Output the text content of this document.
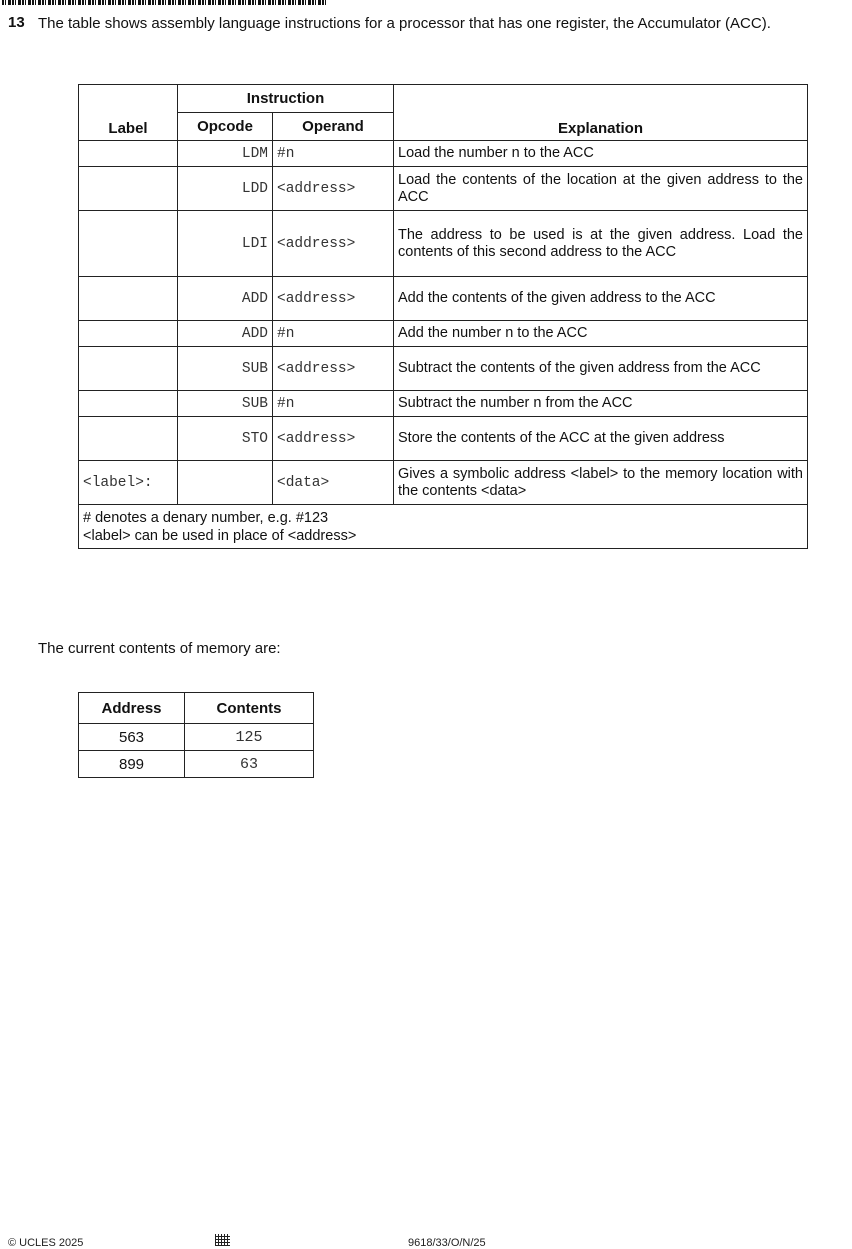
13 The table shows assembly language instructions for a processor that has one register, the Accumulator (ACC).
Label	Instruction		Explanation
	Opcode	Operand	
	LDM	#n	Load the number n to the ACC
	LDD	<address>	Load the contents of the location at the given address to the ACC
	LDI	<address>	The address to be used is at the given address. Load the contents of this second address to the ACC
	ADD	<address>	Add the contents of the given address to the ACC
	ADD	#n	Add the number n to the ACC
	SUB	<address>	Subtract the contents of the given address from the ACC
	SUB	#n	Subtract the number n from the ACC
	STO	<address>	Store the contents of the ACC at the given address
<label>:		<data>	Gives a symbolic address <label> to the memory location with the contents <data>

# denotes a denary number, e.g. #123
<label> can be used in place of <address>			
The current contents of memory are:
Address	Contents
563	125
899	63
© UCLES 2025	9618/33/O/N/25
